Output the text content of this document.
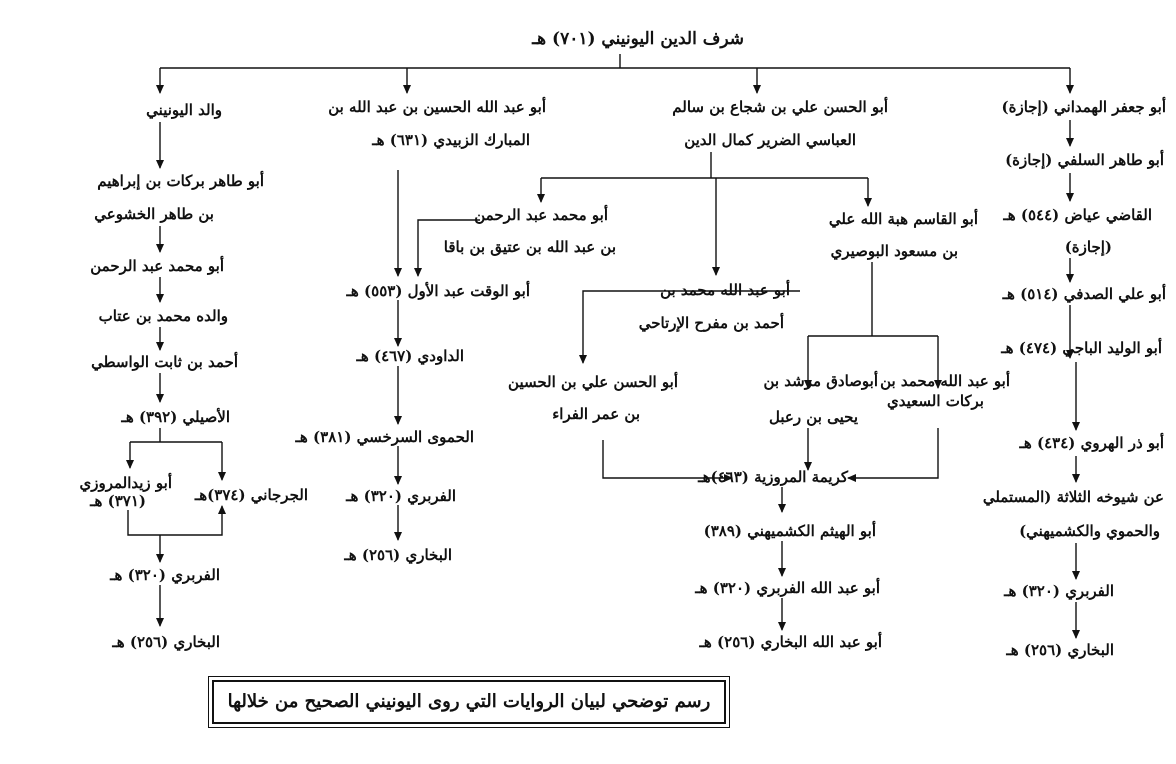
شرف الدين اليونيني (٧٠١) هـ
أبو جعفر الهمداني (إجازة)
أبو طاهر السلفي (إجازة)
القاضي عياض (٥٤٤) هـ
(إجازة)
أبو علي الصدفي (٥١٤) هـ
أبو الوليد الباجي (٤٧٤) هـ
أبو ذر الهروي (٤٣٤) هـ
عن شيوخه الثلاثة (المستملي
والحموي والكشميهني)
الفربري (٣٢٠) هـ
البخاري (٢٥٦) هـ
أبو الحسن علي بن شجاع بن سالم
العباسي الضرير كمال الدين
أبو القاسم هبة الله علي
بن مسعود البوصيري
أبو عبد الله محمد بن
بركات السعيدي
أبوصادق مرشد بن
يحيى بن رعبل
أبو محمد عبد الرحمن
بن عبد الله بن عتيق بن باقا
أبو عبد الله محمد بن
أحمد بن مفرح الإرتاحي
أبو الحسن علي بن الحسين
بن عمر الفراء
كريمة المروزية (٤٦٣)هـ
أبو الهيثم الكشميهني (٣٨٩)
أبو عبد الله الفربري (٣٢٠) هـ
أبو عبد الله البخاري (٢٥٦) هـ
أبو عبد الله الحسين بن عبد الله بن
المبارك الزبيدي (٦٣١) هـ
أبو الوقت عبد الأول (٥٥٣) هـ
الداودي (٤٦٧) هـ
الحموى السرخسي (٣٨١) هـ
الفربري (٣٢٠) هـ
البخاري (٢٥٦) هـ
والد اليونيني
أبو طاهر بركات بن إبراهيم
بن طاهر الخشوعي
أبو محمد عبد الرحمن
والده محمد بن عتاب
أحمد بن ثابت الواسطي
الأصيلي (٣٩٢) هـ
الجرجاني (٣٧٤)هـ
أبو زيدالمروزي
(٣٧١) هـ
الفربري (٣٢٠) هـ
البخاري (٢٥٦) هـ
رسم توضحي لبيان الروايات التي روى اليونيني الصحيح من خلالها
